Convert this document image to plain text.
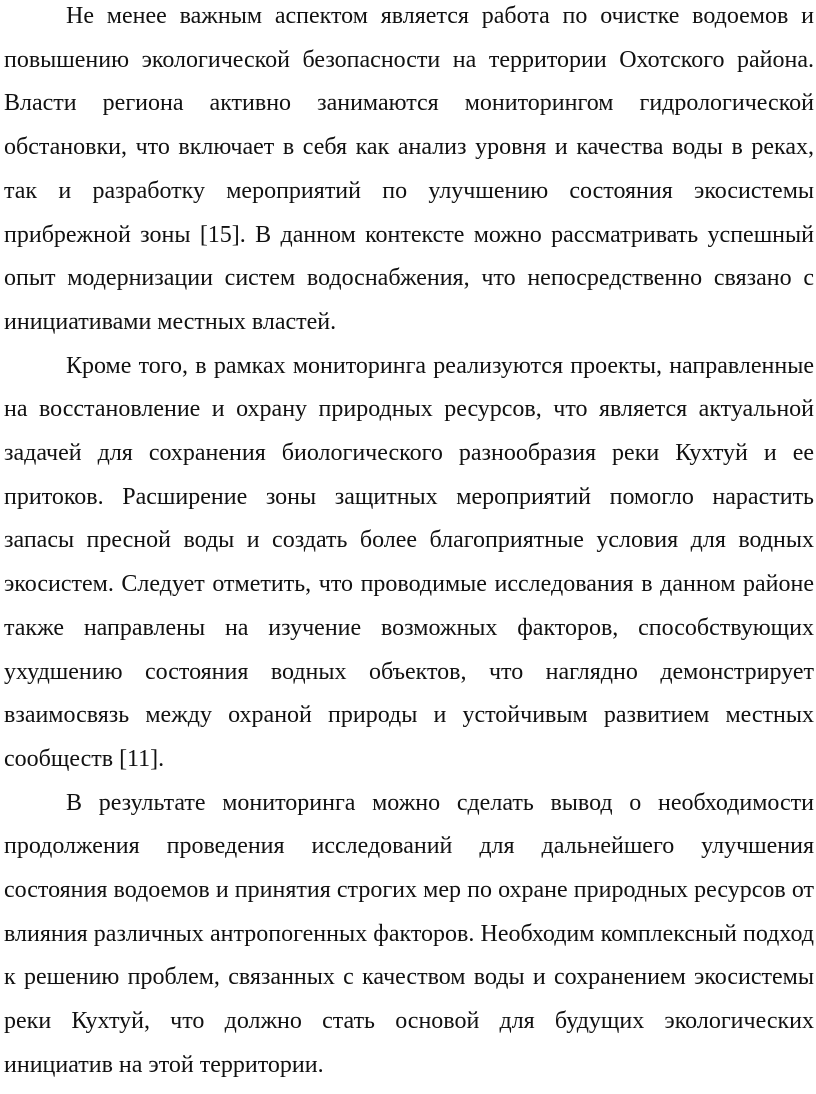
Не менее важным аспектом является работа по очистке водоемов и повышению экологической безопасности на территории Охотского района. Власти региона активно занимаются мониторингом гидрологической обстановки, что включает в себя как анализ уровня и качества воды в реках, так и разработку мероприятий по улучшению состояния экосистемы прибрежной зоны [15]. В данном контексте можно рассматривать успешный опыт модернизации систем водоснабжения, что непосредственно связано с инициативами местных властей.

Кроме того, в рамках мониторинга реализуются проекты, направленные на восстановление и охрану природных ресурсов, что является актуальной задачей для сохранения биологического разнообразия реки Кухтуй и ее притоков. Расширение зоны защитных мероприятий помогло нарастить запасы пресной воды и создать более благоприятные условия для водных экосистем. Следует отметить, что проводимые исследования в данном районе также направлены на изучение возможных факторов, способствующих ухудшению состояния водных объектов, что наглядно демонстрирует взаимосвязь между охраной природы и устойчивым развитием местных сообществ [11].

В результате мониторинга можно сделать вывод о необходимости продолжения проведения исследований для дальнейшего улучшения состояния водоемов и принятия строгих мер по охране природных ресурсов от влияния различных антропогенных факторов. Необходим комплексный подход к решению проблем, связанных с качеством воды и сохранением экосистемы реки Кухтуй, что должно стать основой для будущих экологических инициатив на этой территории.
